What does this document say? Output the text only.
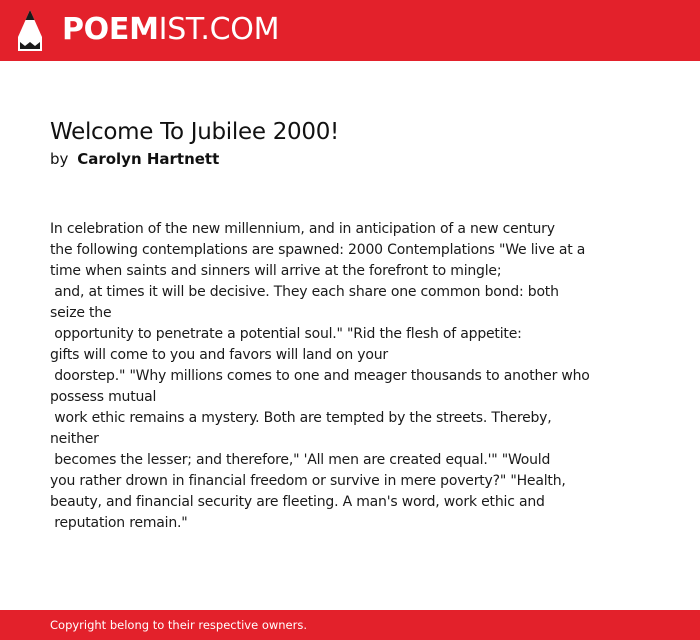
POEMIST.COM
Welcome To Jubilee 2000!
by Carolyn Hartnett
In celebration of the new millennium, and in anticipation of a new century
the following contemplations are spawned: 2000 Contemplations "We live at a
time when saints and sinners will arrive at the forefront to mingle;
and, at times it will be decisive. They each share one common bond: both
seize the
opportunity to penetrate a potential soul." "Rid the flesh of appetite:
gifts will come to you and favors will land on your
doorstep." "Why millions comes to one and meager thousands to another who
possess mutual
work ethic remains a mystery. Both are tempted by the streets. Thereby,
neither
becomes the lesser; and therefore," 'All men are created equal.'" "Would
you rather drown in financial freedom or survive in mere poverty?" "Health,
beauty, and financial security are fleeting. A man's word, work ethic and
reputation remain."
Copyright belong to their respective owners.
